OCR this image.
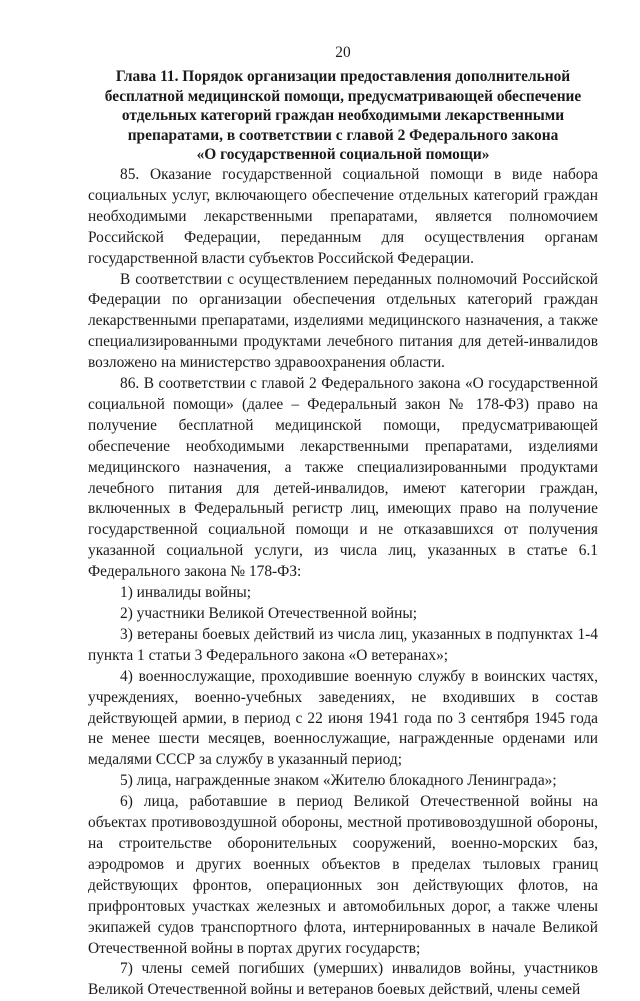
20
Глава 11. Порядок организации предоставления дополнительной
бесплатной медицинской помощи, предусматривающей обеспечение
отдельных категорий граждан необходимыми лекарственными
препаратами, в соответствии с главой 2 Федерального закона
«О государственной социальной помощи»

85. Оказание государственной социальной помощи в виде набора социальных услуг, включающего обеспечение отдельных категорий граждан необходимыми лекарственными препаратами, является полномочием Российской Федерации, переданным для осуществления органам государственной власти субъектов Российской Федерации.

В соответствии с осуществлением переданных полномочий Российской Федерации по организации обеспечения отдельных категорий граждан лекарственными препаратами, изделиями медицинского назначения, а также специализированными продуктами лечебного питания для детей-инвалидов возложено на министерство здравоохранения области.

86. В соответствии с главой 2 Федерального закона «О государственной социальной помощи» (далее – Федеральный закон № 178-ФЗ) право на получение бесплатной медицинской помощи, предусматривающей обеспечение необходимыми лекарственными препаратами, изделиями медицинского назначения, а также специализированными продуктами лечебного питания для детей-инвалидов, имеют категории граждан, включенных в Федеральный регистр лиц, имеющих право на получение государственной социальной помощи и не отказавшихся от получения указанной социальной услуги, из числа лиц, указанных в статье 6.1 Федерального закона № 178-ФЗ:

1) инвалиды войны;

2) участники Великой Отечественной войны;

3) ветераны боевых действий из числа лиц, указанных в подпунктах 1-4 пункта 1 статьи 3 Федерального закона «О ветеранах»;

4) военнослужащие, проходившие военную службу в воинских частях, учреждениях, военно-учебных заведениях, не входивших в состав действующей армии, в период с 22 июня 1941 года по 3 сентября 1945 года не менее шести месяцев, военнослужащие, награжденные орденами или медалями СССР за службу в указанный период;

5) лица, награжденные знаком «Жителю блокадного Ленинграда»;

6) лица, работавшие в период Великой Отечественной войны на объектах противовоздушной обороны, местной противовоздушной обороны, на строительстве оборонительных сооружений, военно-морских баз, аэродромов и других военных объектов в пределах тыловых границ действующих фронтов, операционных зон действующих флотов, на прифронтовых участках железных и автомобильных дорог, а также члены экипажей судов транспортного флота, интернированных в начале Великой Отечественной войны в портах других государств;

7) члены семей погибших (умерших) инвалидов войны, участников Великой Отечественной войны и ветеранов боевых действий, члены семей
